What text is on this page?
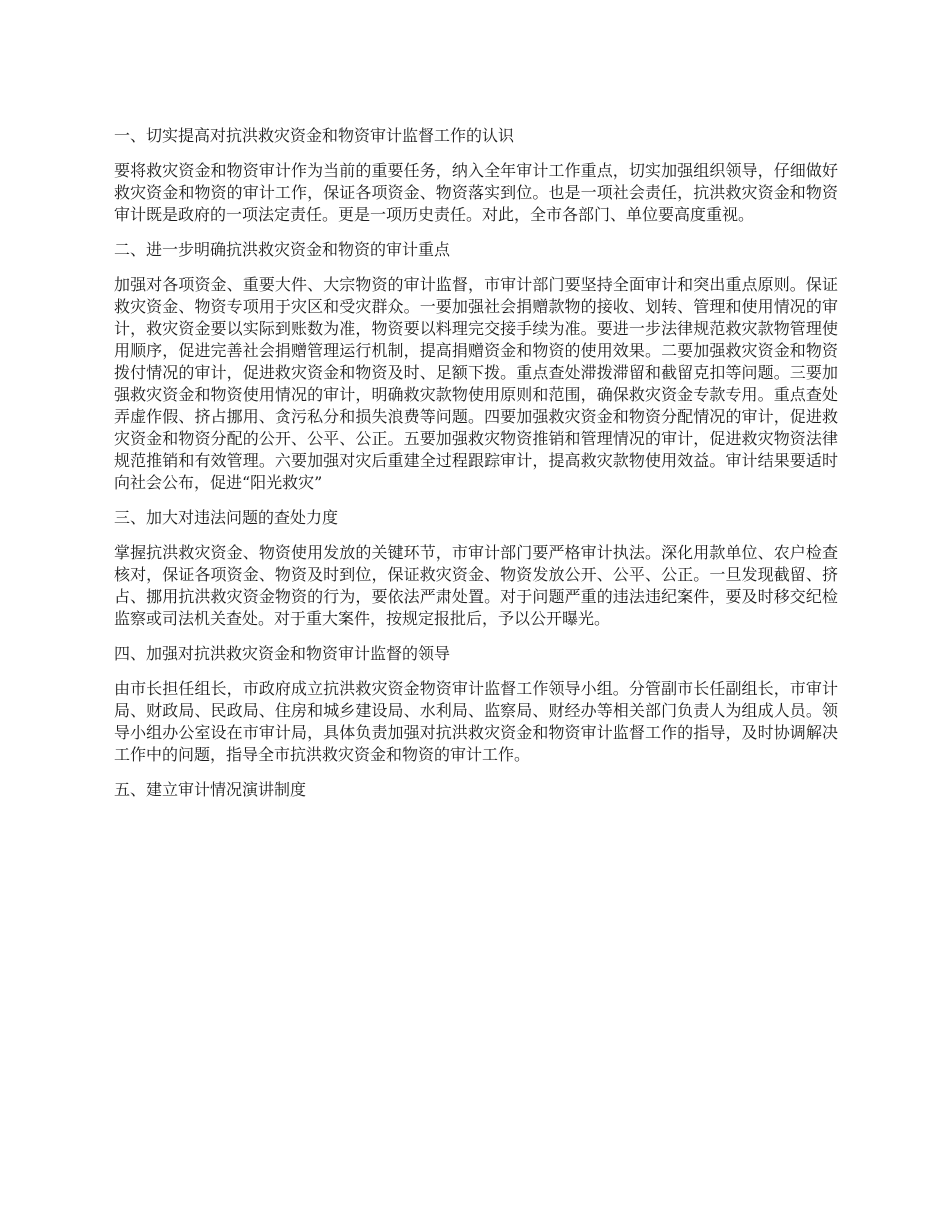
一、切实提高对抗洪救灾资金和物资审计监督工作的认识
要将救灾资金和物资审计作为当前的重要任务，纳入全年审计工作重点，切实加强组织领导，仔细做好救灾资金和物资的审计工作，保证各项资金、物资落实到位。也是一项社会责任，抗洪救灾资金和物资审计既是政府的一项法定责任。更是一项历史责任。对此，全市各部门、单位要高度重视。
二、进一步明确抗洪救灾资金和物资的审计重点
加强对各项资金、重要大件、大宗物资的审计监督，市审计部门要坚持全面审计和突出重点原则。保证救灾资金、物资专项用于灾区和受灾群众。一要加强社会捐赠款物的接收、划转、管理和使用情况的审计，救灾资金要以实际到账数为准，物资要以料理完交接手续为准。要进一步法律规范救灾款物管理使用顺序，促进完善社会捐赠管理运行机制，提高捐赠资金和物资的使用效果。二要加强救灾资金和物资拨付情况的审计，促进救灾资金和物资及时、足额下拨。重点查处滞拨滞留和截留克扣等问题。三要加强救灾资金和物资使用情况的审计，明确救灾款物使用原则和范围，确保救灾资金专款专用。重点查处弄虚作假、挤占挪用、贪污私分和损失浪费等问题。四要加强救灾资金和物资分配情况的审计，促进救灾资金和物资分配的公开、公平、公正。五要加强救灾物资推销和管理情况的审计，促进救灾物资法律规范推销和有效管理。六要加强对灾后重建全过程跟踪审计，提高救灾款物使用效益。审计结果要适时向社会公布，促进“阳光救灾”
三、加大对违法问题的查处力度
掌握抗洪救灾资金、物资使用发放的关键环节，市审计部门要严格审计执法。深化用款单位、农户检查核对，保证各项资金、物资及时到位，保证救灾资金、物资发放公开、公平、公正。一旦发现截留、挤占、挪用抗洪救灾资金物资的行为，要依法严肃处置。对于问题严重的违法违纪案件，要及时移交纪检监察或司法机关查处。对于重大案件，按规定报批后，予以公开曝光。
四、加强对抗洪救灾资金和物资审计监督的领导
由市长担任组长，市政府成立抗洪救灾资金物资审计监督工作领导小组。分管副市长任副组长，市审计局、财政局、民政局、住房和城乡建设局、水利局、监察局、财经办等相关部门负责人为组成人员。领导小组办公室设在市审计局，具体负责加强对抗洪救灾资金和物资审计监督工作的指导，及时协调解决工作中的问题，指导全市抗洪救灾资金和物资的审计工作。
五、建立审计情况演讲制度
